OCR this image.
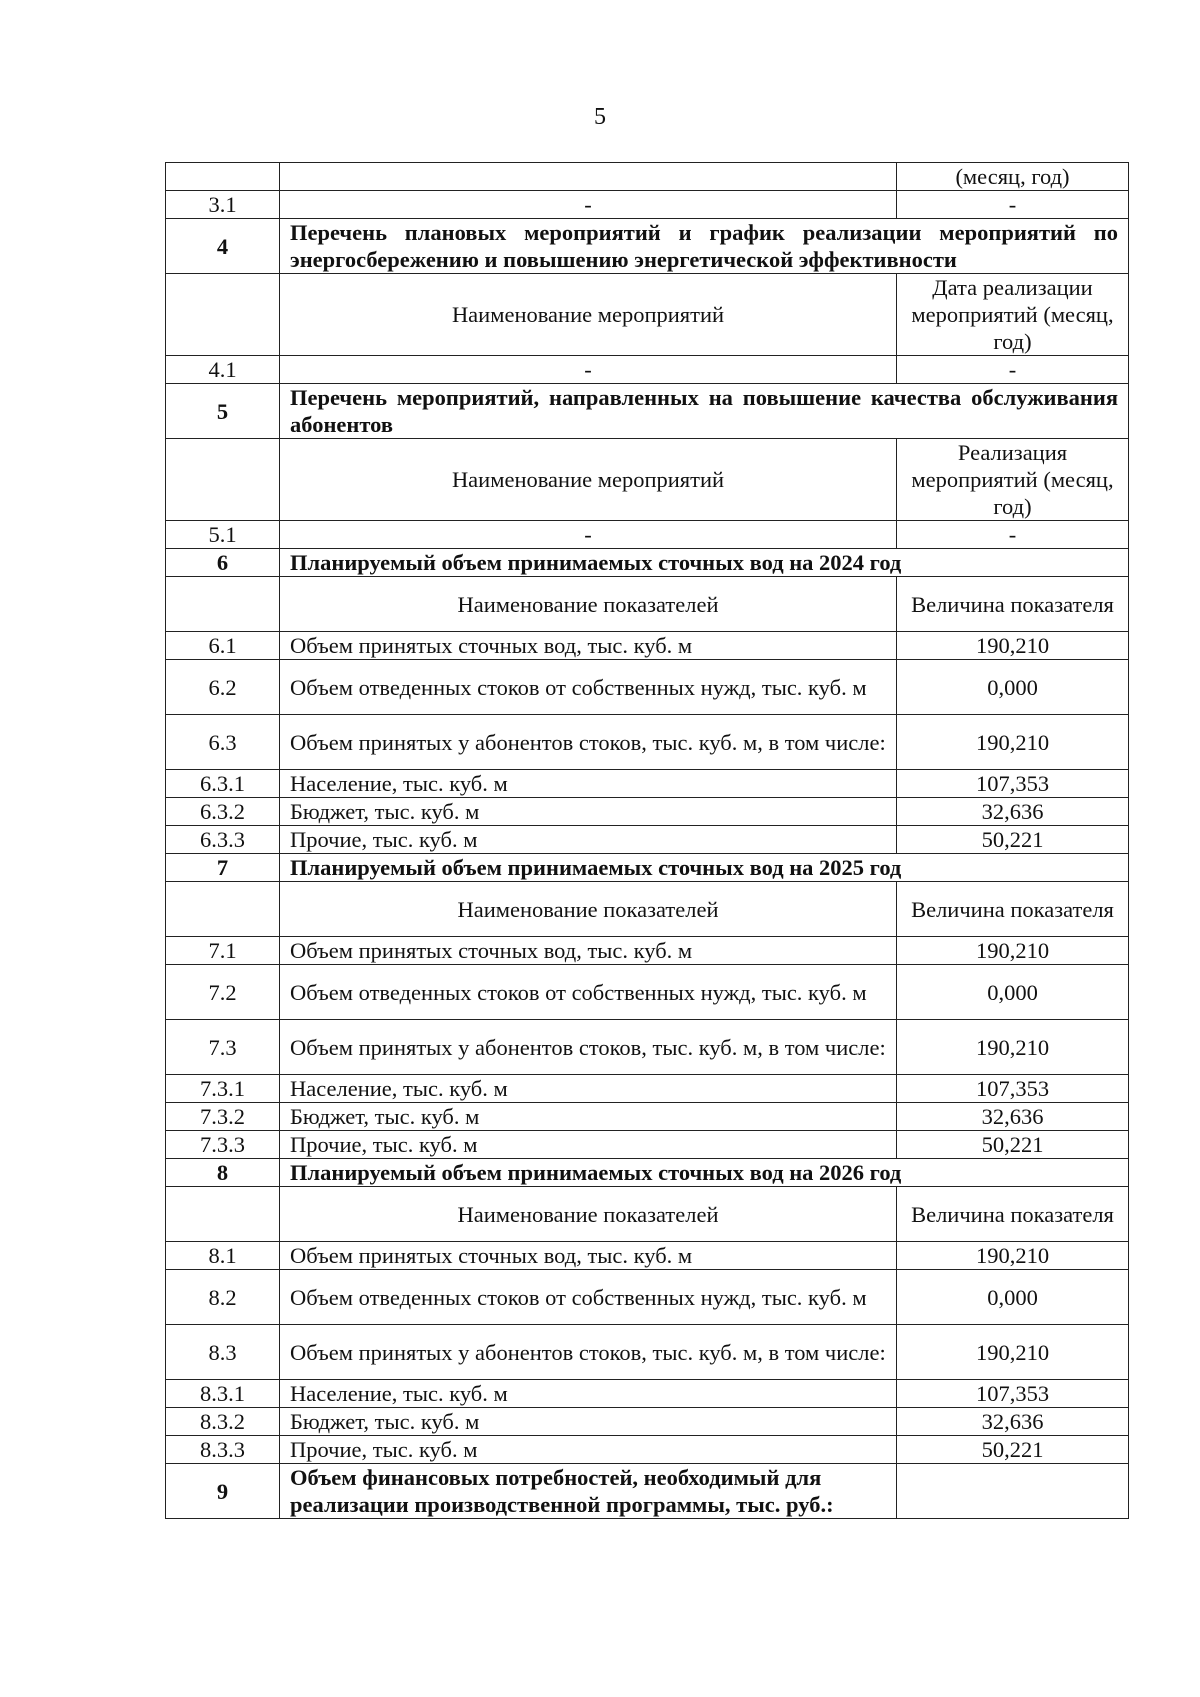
5
		(месяц, год)
3.1	-	-
4	Перечень плановых мероприятий и график реализации мероприятий по энергосбережению и повышению энергетической эффективности	
	Наименование мероприятий	Дата реализации мероприятий (месяц, год)
4.1	-	-
5	Перечень мероприятий, направленных на повышение качества обслуживания абонентов	
	Наименование мероприятий	Реализация мероприятий (месяц, год)
5.1	-	-
6	Планируемый объем принимаемых сточных вод на 2024 год	
	Наименование показателей	Величина показателя
6.1	Объем принятых сточных вод, тыс. куб. м	190,210
6.2	Объем отведенных стоков от собственных нужд, тыс. куб. м	0,000
6.3	Объем принятых у абонентов стоков, тыс. куб. м, в том числе:	190,210
6.3.1	Население, тыс. куб. м	107,353
6.3.2	Бюджет, тыс. куб. м	32,636
6.3.3	Прочие, тыс. куб. м	50,221
7	Планируемый объем принимаемых сточных вод на 2025 год	
	Наименование показателей	Величина показателя
7.1	Объем принятых сточных вод, тыс. куб. м	190,210
7.2	Объем отведенных стоков от собственных нужд, тыс. куб. м	0,000
7.3	Объем принятых у абонентов стоков, тыс. куб. м, в том числе:	190,210
7.3.1	Население, тыс. куб. м	107,353
7.3.2	Бюджет, тыс. куб. м	32,636
7.3.3	Прочие, тыс. куб. м	50,221
8	Планируемый объем принимаемых сточных вод на 2026 год	
	Наименование показателей	Величина показателя
8.1	Объем принятых сточных вод, тыс. куб. м	190,210
8.2	Объем отведенных стоков от собственных нужд, тыс. куб. м	0,000
8.3	Объем принятых у абонентов стоков, тыс. куб. м, в том числе:	190,210
8.3.1	Население, тыс. куб. м	107,353
8.3.2	Бюджет, тыс. куб. м	32,636
8.3.3	Прочие, тыс. куб. м	50,221
9	Объем финансовых потребностей, необходимый для реализации производственной программы, тыс. руб.:	
